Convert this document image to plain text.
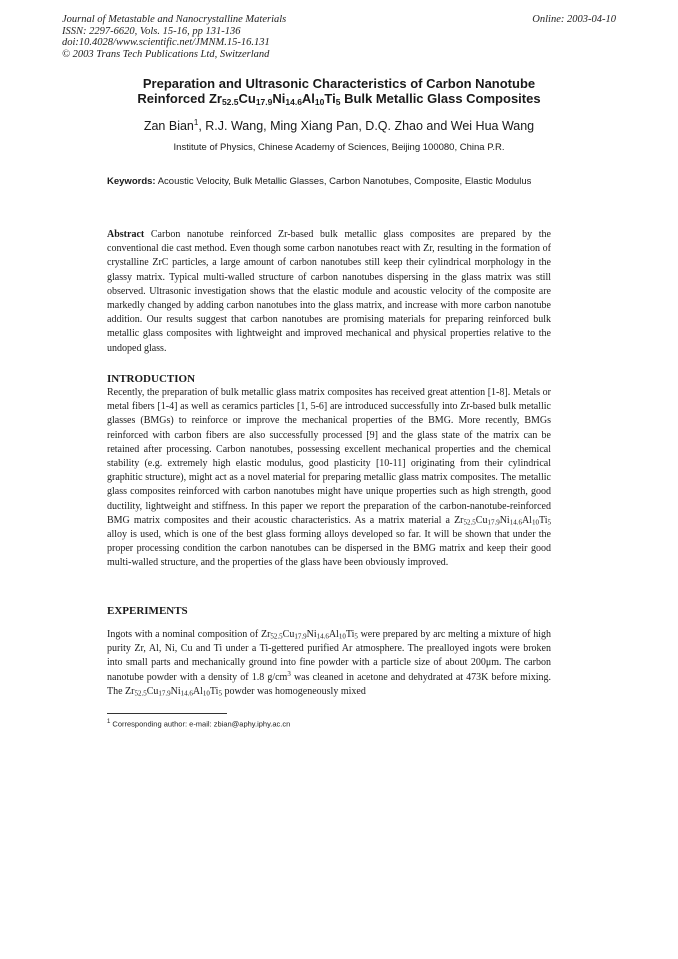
Journal of Metastable and Nanocrystalline Materials
ISSN: 2297-6620, Vols. 15-16, pp 131-136
doi:10.4028/www.scientific.net/JMNM.15-16.131
© 2003 Trans Tech Publications Ltd, Switzerland
Online: 2003-04-10
Preparation and Ultrasonic Characteristics of Carbon Nanotube
Reinforced $Zr_{52.5}Cu_{17.9}Ni_{14.6}Al_{10}Ti_5$ Bulk Metallic Glass Composites
Zan Bian$^1$, R.J. Wang, Ming Xiang Pan, D.Q. Zhao and Wei Hua Wang
Institute of Physics, Chinese Academy of Sciences, Beijing 100080, China P.R.
Keywords: Acoustic Velocity, Bulk Metallic Glasses, Carbon Nanotubes, Composite, Elastic Modulus

Abstract Carbon nanotube reinforced Zr-based bulk metallic glass composites are prepared by the conventional die cast method. Even though some carbon nanotubes react with Zr, resulting in the formation of crystalline ZrC particles, a large amount of carbon nanotubes still keep their cylindrical morphology in the glassy matrix. Typical multi-walled structure of carbon nanotubes dispersing in the glass matrix was still observed. Ultrasonic investigation shows that the elastic module and acoustic velocity of the composite are markedly changed by adding carbon nanotubes into the glass matrix, and increase with more carbon nanotube addition. Our results suggest that carbon nanotubes are promising materials for preparing reinforced bulk metallic glass composites with lightweight and improved mechanical and physical properties relative to the undoped glass.

INTRODUCTION

Recently, the preparation of bulk metallic glass matrix composites has received great attention [1-8]. Metals or metal fibers [1-4] as well as ceramics particles [1, 5-6] are introduced successfully into Zr-based bulk metallic glasses (BMGs) to reinforce or improve the mechanical properties of the BMG. More recently, BMGs reinforced with carbon fibers are also successfully processed [9] and the glass state of the matrix can be retained after processing. Carbon nanotubes, possessing excellent mechanical properties and the chemical stability (e.g. extremely high elastic modulus, good plasticity [10-11] originating from their cylindrical graphitic structure), might act as a novel material for preparing metallic glass matrix composites. The metallic glass composites reinforced with carbon nanotubes might have unique properties such as high strength, good ductility, lightweight and stiffness. In this paper we report the preparation of the carbon-nanotube-reinforced BMG matrix composites and their acoustic characteristics. As a matrix material a $Zr_{52.5}Cu_{17.9}Ni_{14.6}Al_{10}Ti_5$ alloy is used, which is one of the best glass forming alloys developed so far. It will be shown that under the proper processing condition the carbon nanotubes can be dispersed in the BMG matrix and keep their good multi-walled structure, and the properties of the glass have been obviously improved.

EXPERIMENTS

Ingots with a nominal composition of $Zr_{52.5}Cu_{17.9}Ni_{14.6}Al_{10}Ti_5$ were prepared by arc melting a mixture of high purity Zr, Al, Ni, Cu and Ti under a Ti-gettered purified Ar atmosphere. The prealloyed ingots were broken into small parts and mechanically ground into fine powder with a particle size of about 200μm. The carbon nanotube powder with a density of 1.8 $g/cm^3$ was cleaned in acetone and dehydrated at 473K before mixing. The $Zr_{52.5}Cu_{17.9}Ni_{14.6}Al_{10}Ti_5$ powder was homogeneously mixed

$^1$ Corresponding author: e-mail: zbian@aphy.iphy.ac.cn
